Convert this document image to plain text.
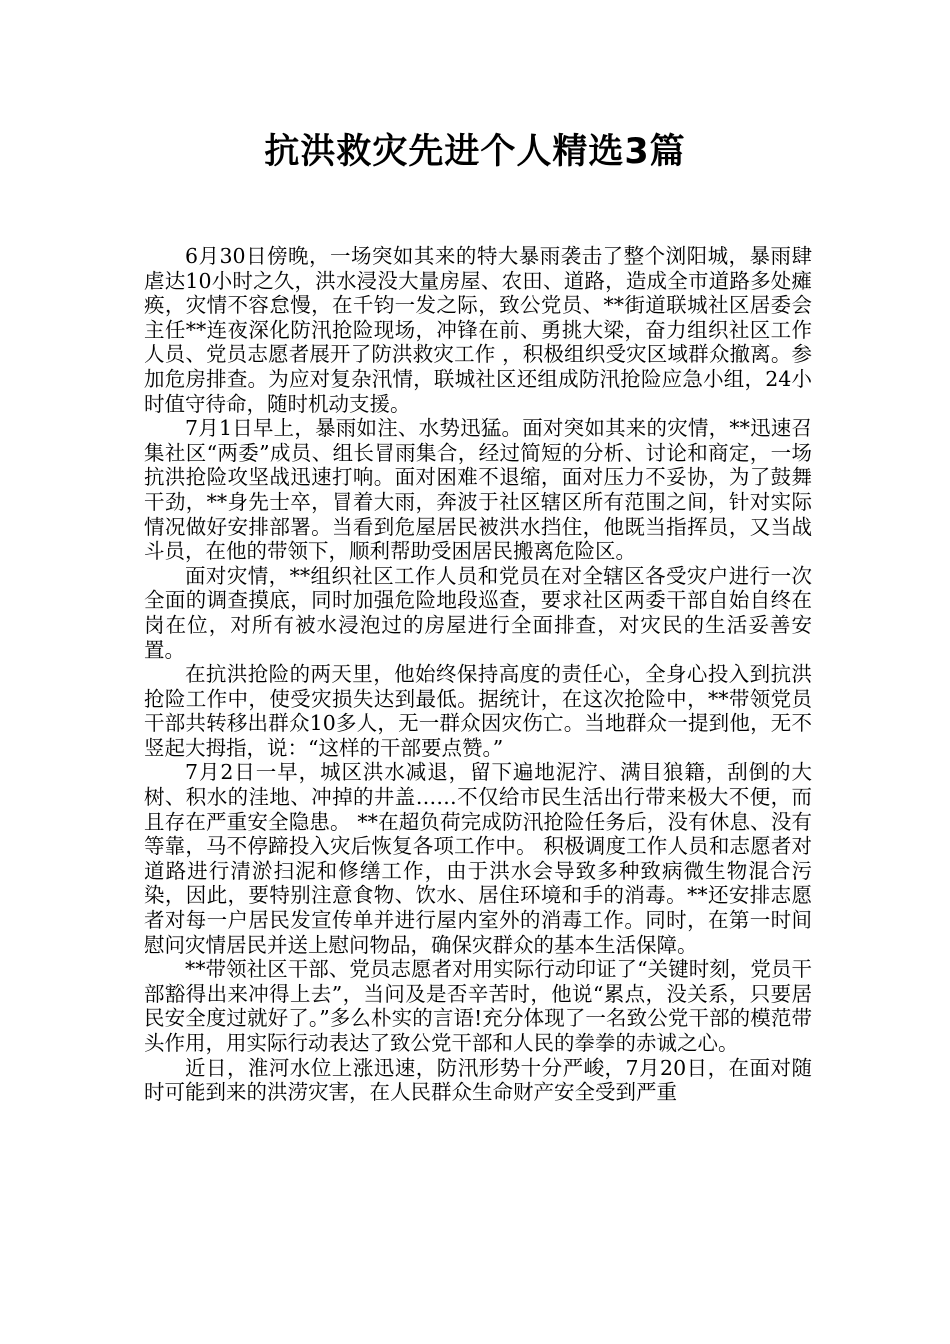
抗洪救灾先进个人精选3篇

6月30日傍晚，一场突如其来的特大暴雨袭击了整个浏阳城，暴雨肆虐达10小时之久，洪水浸没大量房屋、农田、道路，造成全市道路多处瘫痪，灾情不容怠慢，在千钧一发之际，致公党员、**街道联城社区居委会主任**连夜深化防汛抢险现场，冲锋在前、勇挑大梁，奋力组织社区工作人员、党员志愿者展开了防洪救灾工作 ，积极组织受灾区域群众撤离。参加危房排查。为应对复杂汛情，联城社区还组成防汛抢险应急小组，24小时值守待命，随时机动支援。

7月1日早上，暴雨如注、水势迅猛。面对突如其来的灾情，**迅速召集社区“两委”成员、组长冒雨集合，经过简短的分析、讨论和商定，一场抗洪抢险攻坚战迅速打响。面对困难不退缩，面对压力不妥协，为了鼓舞干劲，**身先士卒，冒着大雨，奔波于社区辖区所有范围之间，针对实际情况做好安排部署。当看到危屋居民被洪水挡住，他既当指挥员，又当战斗员，在他的带领下，顺利帮助受困居民搬离危险区。

面对灾情，**组织社区工作人员和党员在对全辖区各受灾户进行一次全面的调查摸底，同时加强危险地段巡查，要求社区两委干部自始自终在岗在位，对所有被水浸泡过的房屋进行全面排查，对灾民的生活妥善安置。

在抗洪抢险的两天里，他始终保持高度的责任心，全身心投入到抗洪抢险工作中，使受灾损失达到最低。据统计，在这次抢险中，**带领党员干部共转移出群众10多人，无一群众因灾伤亡。当地群众一提到他，无不竖起大拇指，说：“这样的干部要点赞。”

7月2日一早，城区洪水减退，留下遍地泥泞、满目狼籍，刮倒的大树、积水的洼地、冲掉的井盖……不仅给市民生活出行带来极大不便，而且存在严重安全隐患。 **在超负荷完成防汛抢险任务后，没有休息、没有等靠，马不停蹄投入灾后恢复各项工作中。 积极调度工作人员和志愿者对道路进行清淤扫泥和修缮工作，由于洪水会导致多种致病微生物混合污染，因此，要特别注意食物、饮水、居住环境和手的消毒。**还安排志愿者对每一户居民发宣传单并进行屋内室外的消毒工作。同时，在第一时间慰问灾情居民并送上慰问物品，确保灾群众的基本生活保障。

**带领社区干部、党员志愿者对用实际行动印证了“关键时刻，党员干部豁得出来冲得上去”，当问及是否辛苦时，他说“累点，没关系，只要居民安全度过就好了。”多么朴实的言语!充分体现了一名致公党干部的模范带头作用，用实际行动表达了致公党干部和人民的拳拳的赤诚之心。

近日，淮河水位上涨迅速，防汛形势十分严峻，7月20日，在面对随时可能到来的洪涝灾害，在人民群众生命财产安全受到严重
